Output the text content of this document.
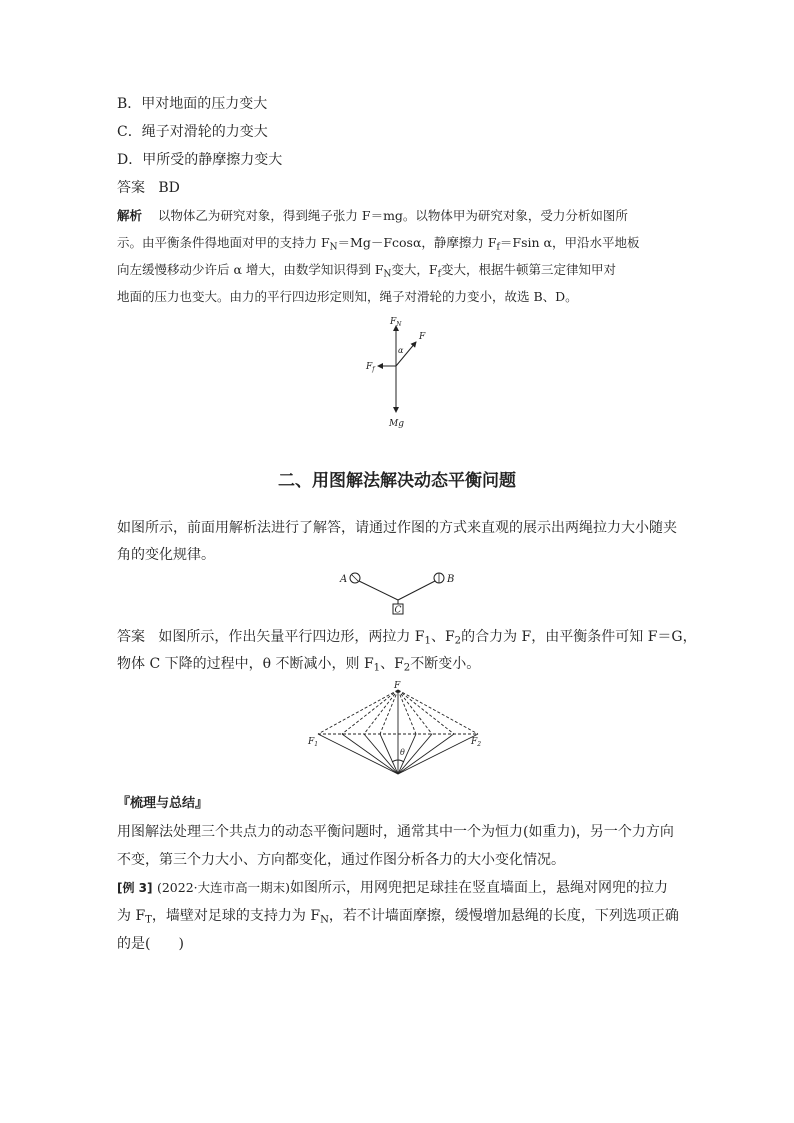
B．甲对地面的压力变大
C．绳子对滑轮的力变大
D．甲所受的静摩擦力变大
答案 BD
解析 以物体乙为研究对象，得到绳子张力 F＝mg。以物体甲为研究对象，受力分析如图所
示。由平衡条件得地面对甲的支持力 $F_N=Mg-Fcos\alpha$，静摩擦力 $F_f=Fsin$ α，甲沿水平地板
向左缓慢移动少许后 α 增大，由数学知识得到 $F_N$变大，$F_f$变大，根据牛顿第三定律知甲对
地面的压力也变大。由力的平行四边形定则知，绳子对滑轮的力变小，故选 B、D。
$F_N$
F
α
$F_f$
Mg
二、用图解法解决动态平衡问题
如图所示，前面用解析法进行了解答，请通过作图的方式来直观的展示出两绳拉力大小随夹
角的变化规律。
A	B
C
答案 如图所示，作出矢量平行四边形，两拉力 $F_1$、$F_2$的合力为 F，由平衡条件可知 F＝G，
物体 C 下降的过程中，θ 不断减小，则 $F_1$、$F_2$不断变小。
F
$F_1$	$F_2$
θ
『梳理与总结』
用图解法处理三个共点力的动态平衡问题时，通常其中一个为恒力(如重力)，另一个力方向
不变，第三个力大小、方向都变化，通过作图分析各力的大小变化情况。
[例 3] (2022·大连市高一期末)如图所示，用网兜把足球挂在竖直墙面上，悬绳对网兜的拉力
为 $F_T$，墙壁对足球的支持力为 $F_N$，若不计墙面摩擦，缓慢增加悬绳的长度，下列选项正确
的是(　　)
